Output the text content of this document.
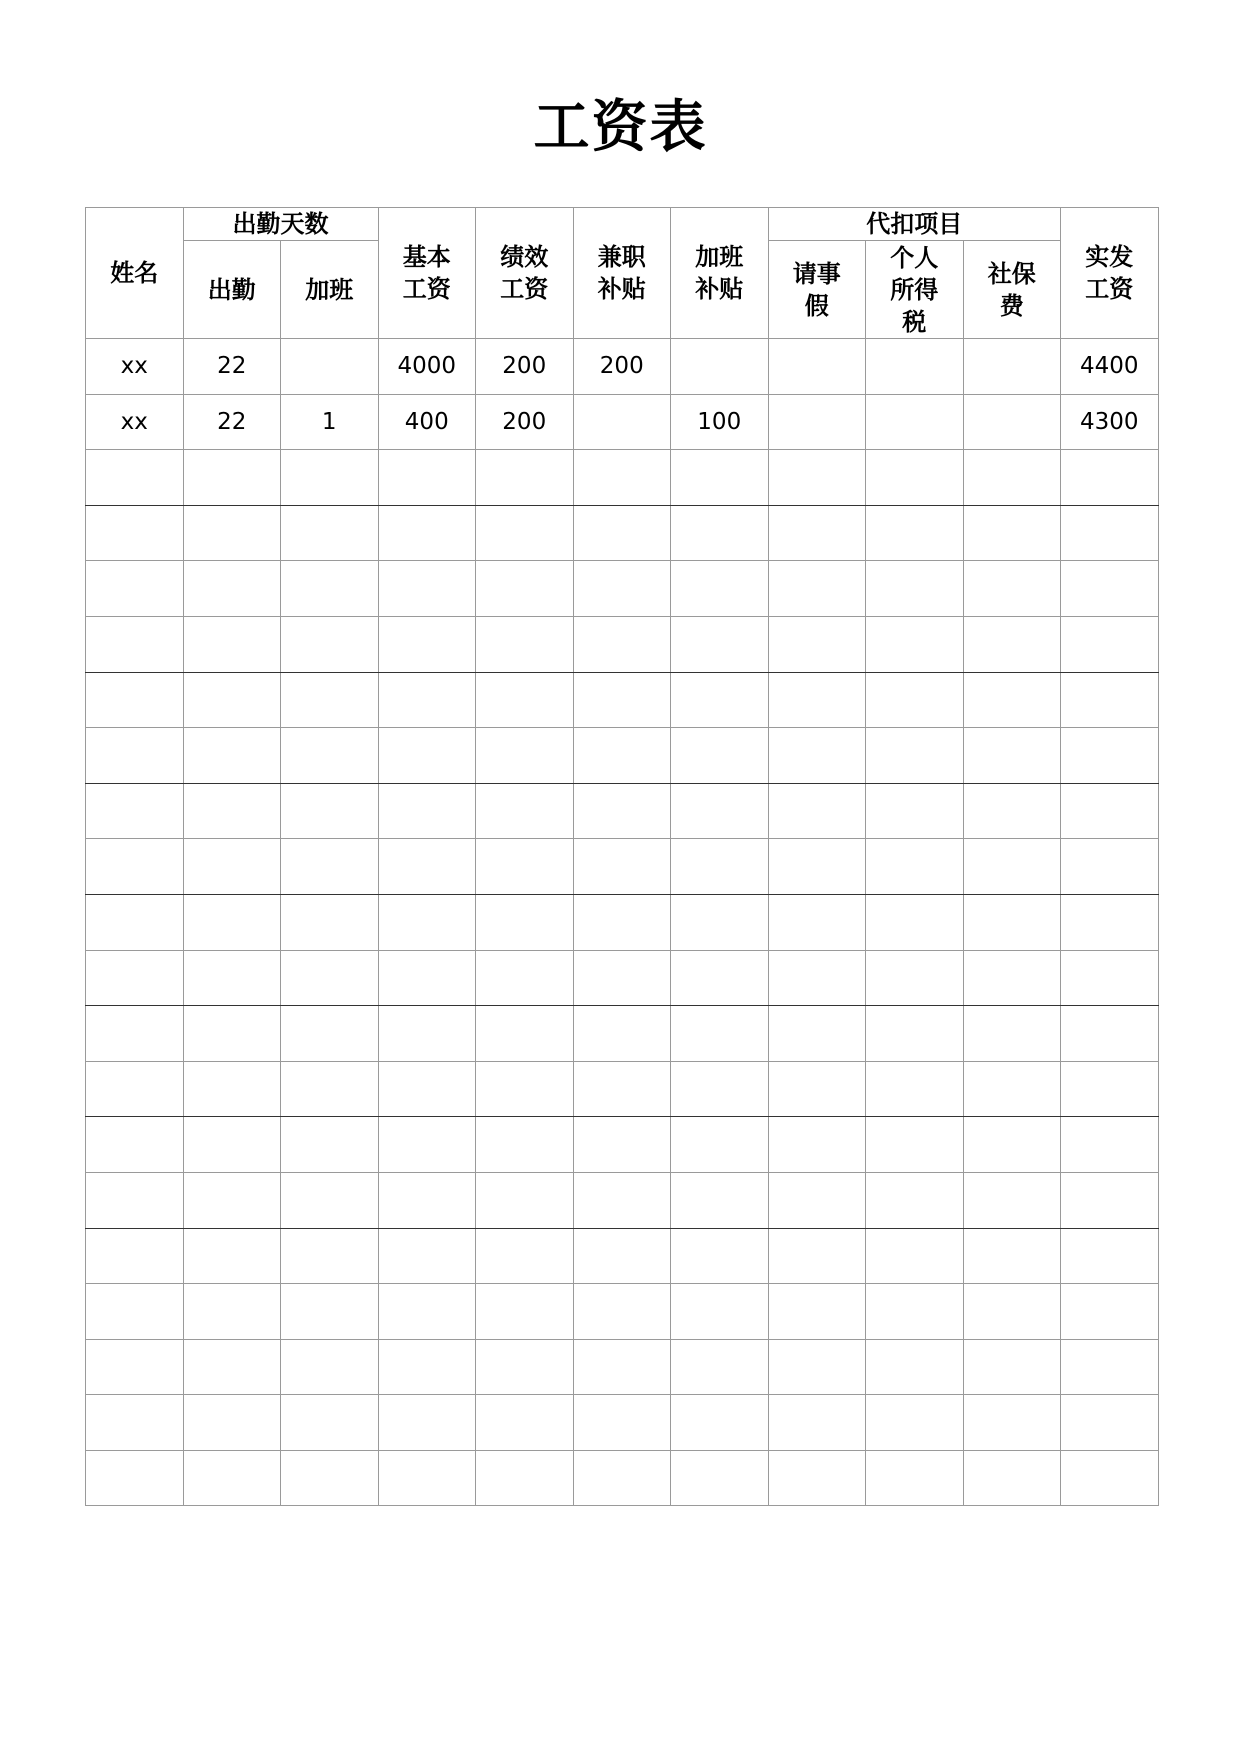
工资表
姓名	出勤天数		基本工资	绩效工资	兼职补贴	加班补贴	代扣项目			实发工资
	出勤	加班					请事假	个人所得税	社保费	
xx	22		4000	200	200					4400
xx	22	1	400	200		100				4300
